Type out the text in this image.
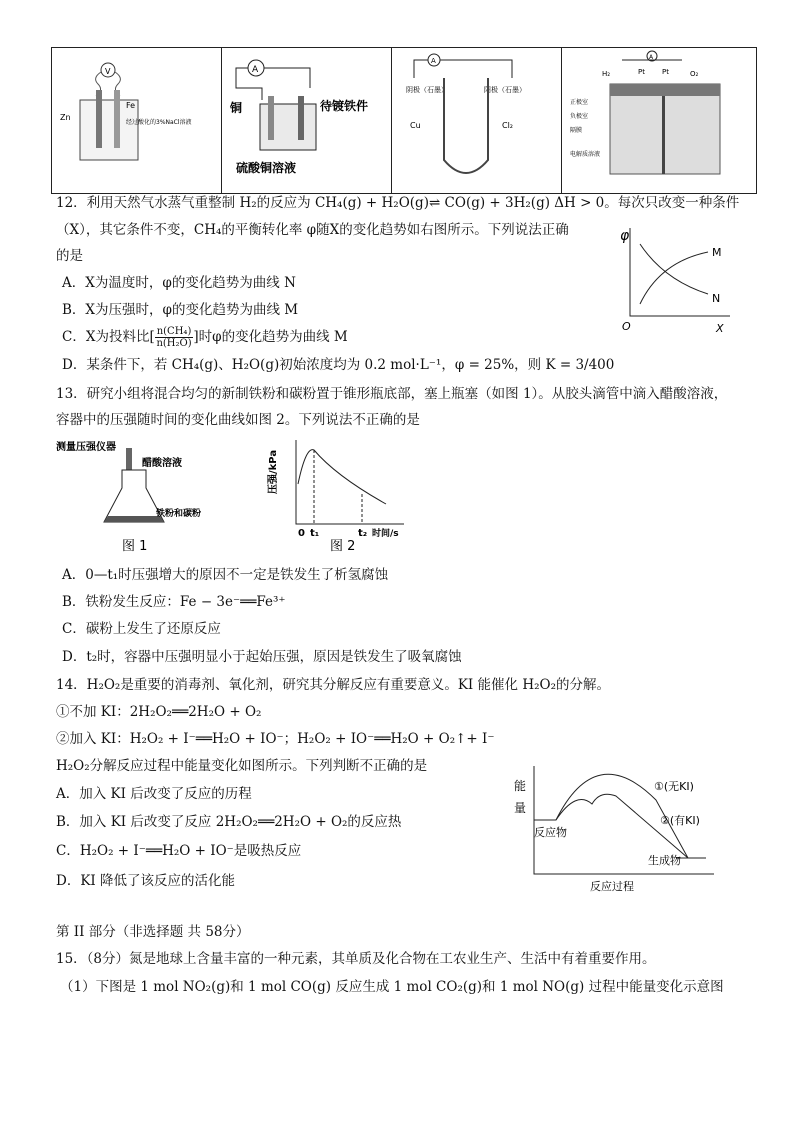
V
Zn
Fe
经过酸化的3%NaCl溶液
A
铜	待镀铁件
硫酸铜溶液
A
阴极（石墨）	阳极（石墨）
Cu	Cl₂
A
H₂	Pt Pt	O₂
正极室
负极室
隔膜
电解质溶液
12．利用天然气水蒸气重整制 H₂的反应为 CH₄(g) + H₂O(g)⇌ CO(g) + 3H₂(g) ΔH > 0。每次只改变一种条件
（X），其它条件不变，CH₄的平衡转化率 φ随X的变化趋势如右图所示。下列说法正确
的是
A．X为温度时，φ的变化趋势为曲线 N
B．X为压强时，φ的变化趋势为曲线 M
C．X为投料比[ $\frac{\text{n(CH₄)}}{\text{n(H₂O)}}$ ]时φ的变化趋势为曲线 M
D．某条件下，若 CH₄(g)、H₂O(g)初始浓度均为 0.2 mol·L⁻¹，φ = 25%，则 K = 3/400
φ
O	X
M
N
13．研究小组将混合均匀的新制铁粉和碳粉置于锥形瓶底部，塞上瓶塞（如图 1）。从胶头滴管中滴入醋酸溶液，
容器中的压强随时间的变化曲线如图 2。下列说法不正确的是
测量压强仪器
醋酸溶液
铁粉和碳粉
图 1
压强/kPa
0 t₁	t₂ 时间/s
图 2
A．0—t₁时压强增大的原因不一定是铁发生了析氢腐蚀
B．铁粉发生反应：Fe − 3e⁻══Fe³⁺
C．碳粉上发生了还原反应
D．t₂时，容器中压强明显小于起始压强，原因是铁发生了吸氧腐蚀
14．H₂O₂是重要的消毒剂、氧化剂，研究其分解反应有重要意义。KI 能催化 H₂O₂的分解。
①不加 KI：2H₂O₂══2H₂O + O₂
②加入 KI：H₂O₂ + I⁻══H₂O + IO⁻；H₂O₂ + IO⁻══H₂O + O₂↑+ I⁻
H₂O₂分解反应过程中能量变化如图所示。下列判断不正确的是
A．加入 KI 后改变了反应的历程
B．加入 KI 后改变了反应 2H₂O₂══2H₂O + O₂的反应热
C．H₂O₂ + I⁻══H₂O + IO⁻是吸热反应
D．KI 降低了该反应的活化能
能
量
①(无KI)
②(有KI)
反应物
生成物
反应过程
第 II 部分（非选择题 共 58分）
15．（8分）氮是地球上含量丰富的一种元素，其单质及化合物在工农业生产、生活中有着重要作用。
（1）下图是 1 mol NO₂(g)和 1 mol CO(g) 反应生成 1 mol CO₂(g)和 1 mol NO(g) 过程中能量变化示意图
